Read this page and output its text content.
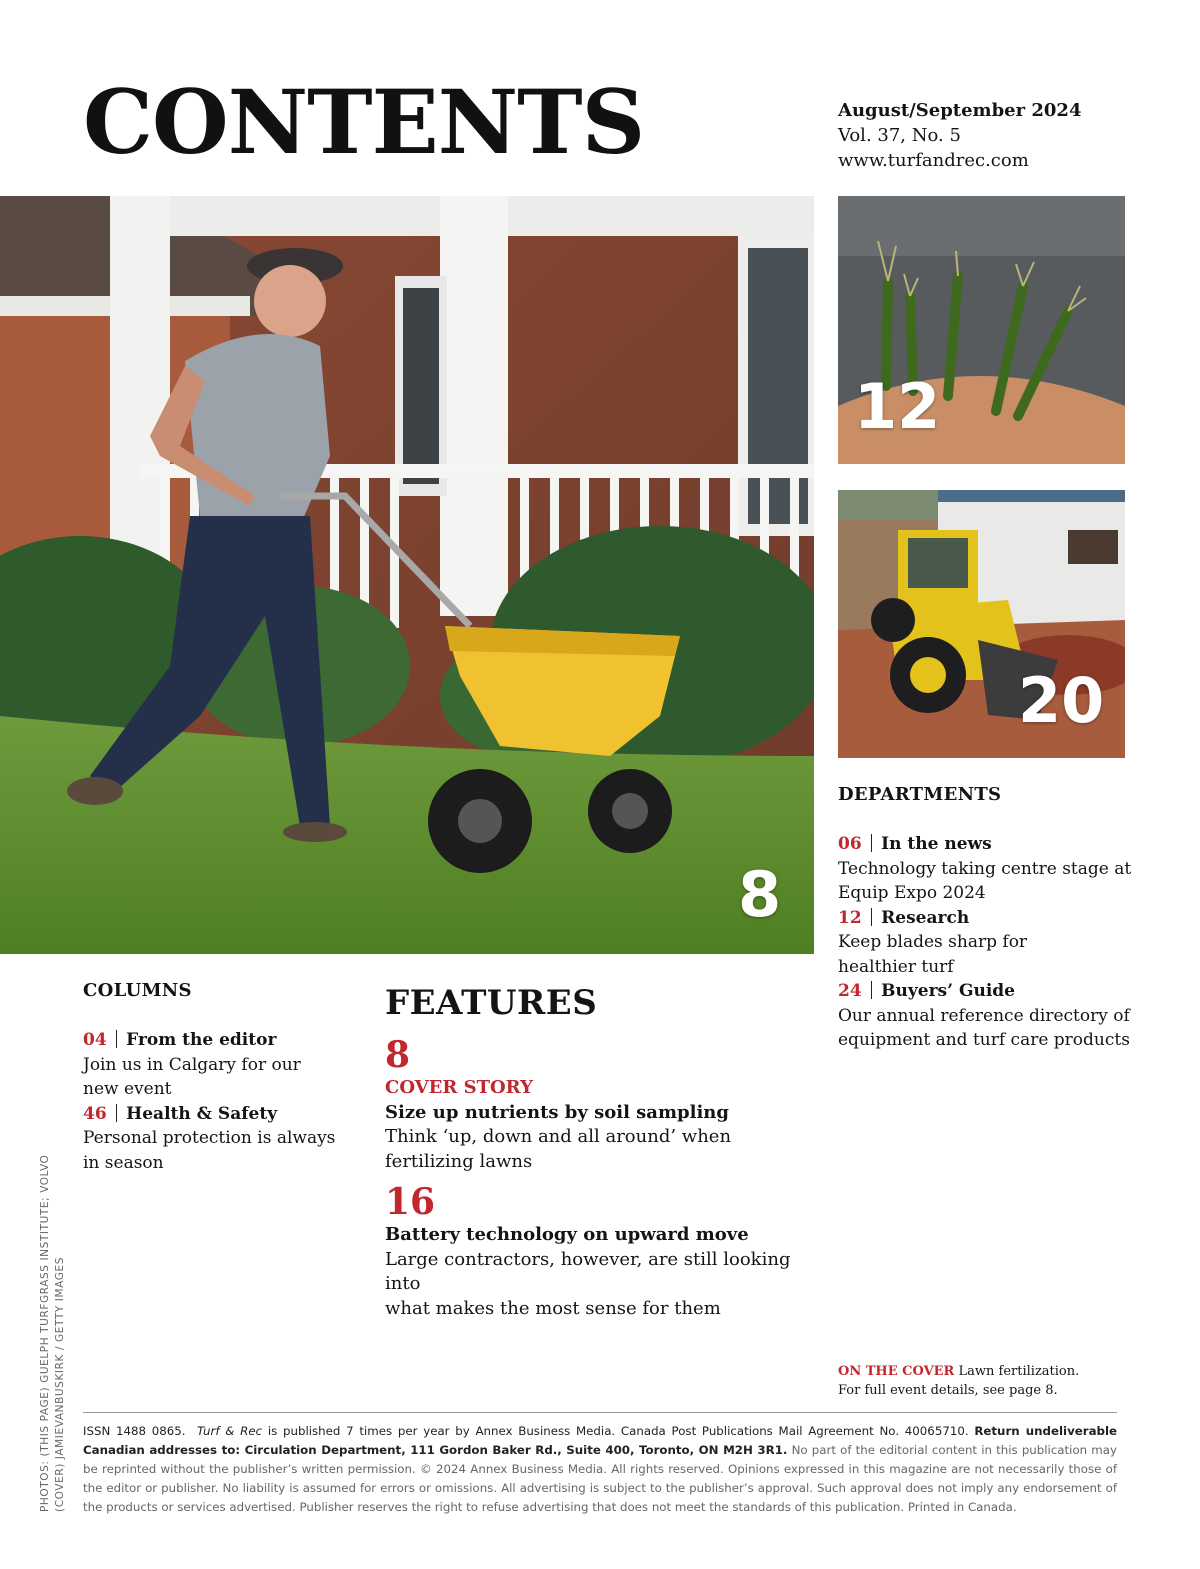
CONTENTS	August/September 2024
Vol. 37, No. 5
www.turfandrec.com
8
12
20
DEPARTMENTS
06 In the news
Technology taking centre stage at
Equip Expo 2024
12 Research
Keep blades sharp for
healthier turf
24 Buyers’ Guide
Our annual reference directory of
equipment and turf care products
COLUMNS
04 From the editor
Join us in Calgary for our
new event
46 Health & Safety
Personal protection is always
in season
FEATURES
8
COVER STORY
Size up nutrients by soil sampling
Think ‘up, down and all around’ when
fertilizing lawns
16
Battery technology on upward move
Large contractors, however, are still looking into
what makes the most sense for them
ON THE COVER Lawn fertilization.
For full event details, see page 8.
PHOTOS: (THIS PAGE) GUELPH TURFGRASS INSTITUTE; VOLVO (COVER) JAMIEVANBUSKIRK / GETTY IMAGES ISSN 1488 0865. Turf & Rec is published 7 times per year by Annex Business Media. Canada Post Publications Mail Agreement No. 40065710. Return undeliverable Canadian addresses to: Circulation Department, 111 Gordon Baker Rd., Suite 400, Toronto, ON M2H 3R1. No part of the editorial content in this publication may be reprinted without the publisher’s written permission. © 2024 Annex Business Media. All rights reserved. Opinions expressed in this magazine are not necessarily those of the editor or publisher. No liability is assumed for errors or omissions. All advertising is subject to the publisher’s approval. Such approval does not imply any endorsement of the products or services advertised. Publisher reserves the right to refuse advertising that does not meet the standards of this publication. Printed in Canada.
